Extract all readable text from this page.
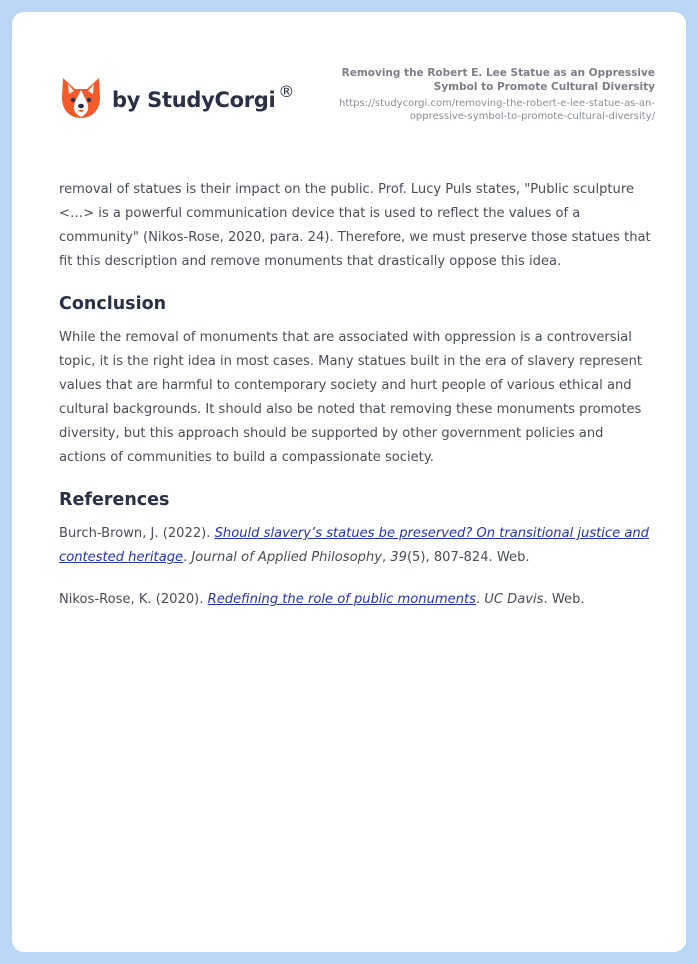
by StudyCorgi ®
Removing the Robert E. Lee Statue as an Oppressive Symbol to Promote Cultural Diversity
https://studycorgi.com/removing-the-robert-e-lee-statue-as-an-oppressive-symbol-to-promote-cultural-diversity/

removal of statues is their impact on the public. Prof. Lucy Puls states, "Public sculpture <…> is a powerful communication device that is used to reflect the values of a community" (Nikos-Rose, 2020, para. 24). Therefore, we must preserve those statues that fit this description and remove monuments that drastically oppose this idea.

Conclusion

While the removal of monuments that are associated with oppression is a controversial topic, it is the right idea in most cases. Many statues built in the era of slavery represent values that are harmful to contemporary society and hurt people of various ethical and cultural backgrounds. It should also be noted that removing these monuments promotes diversity, but this approach should be supported by other government policies and actions of communities to build a compassionate society.

References

Burch-Brown, J. (2022). Should slavery’s statues be preserved? On transitional justice and contested heritage. Journal of Applied Philosophy, 39(5), 807-824. Web.

Nikos-Rose, K. (2020). Redefining the role of public monuments. UC Davis. Web.
